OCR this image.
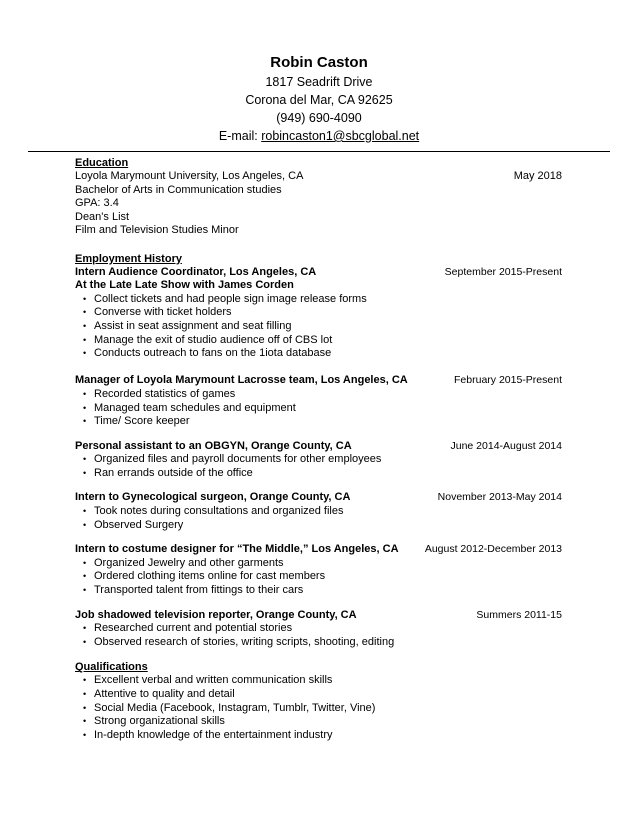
Robin Caston
1817 Seadrift Drive
Corona del Mar, CA 92625
(949) 690-4090
E-mail: robincaston1@sbcglobal.net
Education
Loyola Marymount University, Los Angeles, CA	May 2018
Bachelor of Arts in Communication studies
GPA: 3.4
Dean's List
Film and Television Studies Minor
Employment History
Intern Audience Coordinator, Los Angeles, CA	September 2015-Present
At the Late Late Show with James Corden
• Collect tickets and had people sign image release forms
• Converse with ticket holders
• Assist in seat assignment and seat filling
• Manage the exit of studio audience off of CBS lot
• Conducts outreach to fans on the 1iota database
Manager of Loyola Marymount Lacrosse team, Los Angeles, CA	February 2015-Present
• Recorded statistics of games
• Managed team schedules and equipment
• Time/ Score keeper
Personal assistant to an OBGYN, Orange County, CA	June 2014-August 2014
• Organized files and payroll documents for other employees
• Ran errands outside of the office
Intern to Gynecological surgeon, Orange County, CA	November 2013-May 2014
• Took notes during consultations and organized files
• Observed Surgery
Intern to costume designer for “The Middle,” Los Angeles, CA	August 2012-December 2013
• Organized Jewelry and other garments
• Ordered clothing items online for cast members
• Transported talent from fittings to their cars
Job shadowed television reporter, Orange County, CA	Summers 2011-15
• Researched current and potential stories
• Observed research of stories, writing scripts, shooting, editing
Qualifications
• Excellent verbal and written communication skills
• Attentive to quality and detail
• Social Media (Facebook, Instagram, Tumblr, Twitter, Vine)
• Strong organizational skills
• In-depth knowledge of the entertainment industry
